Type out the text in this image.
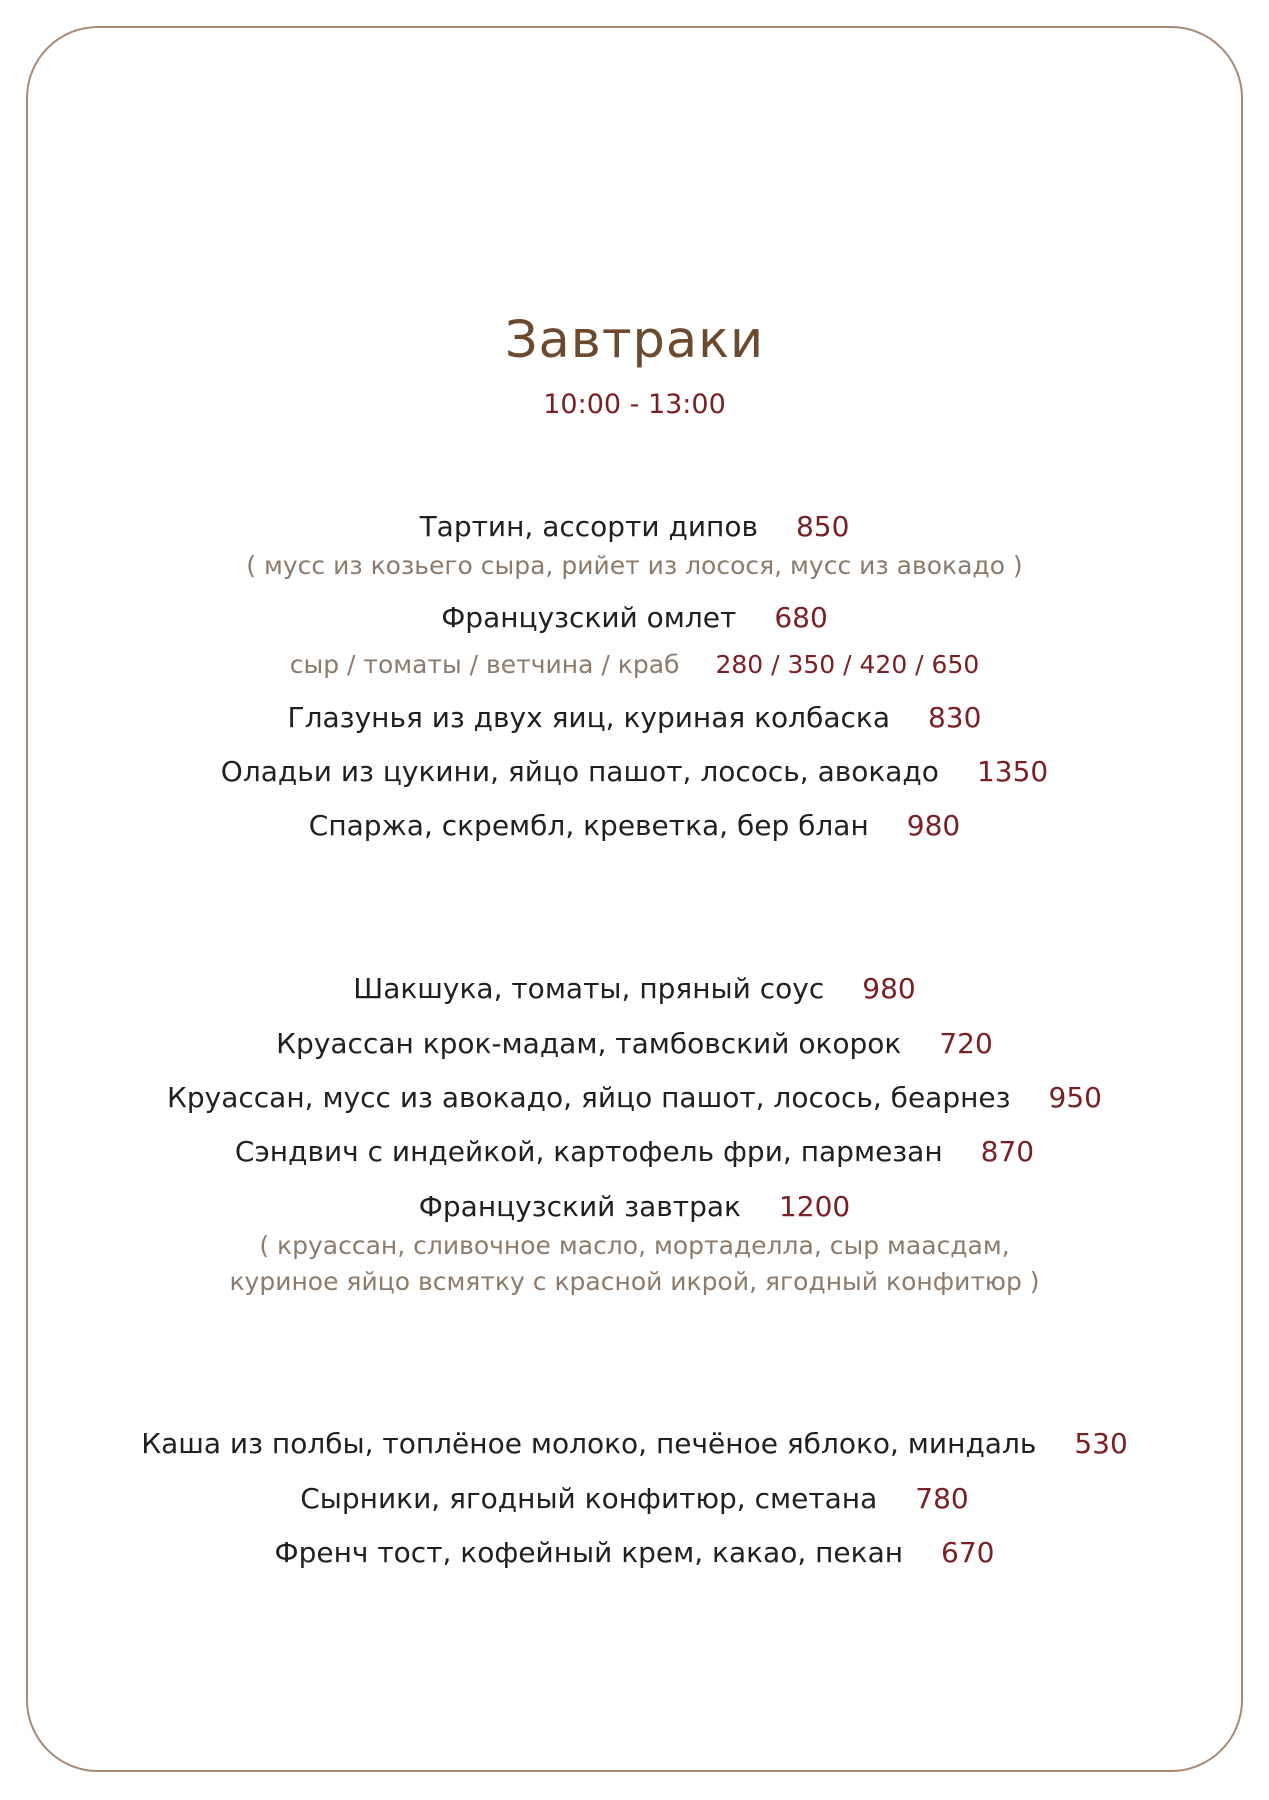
Завтраки
10:00 - 13:00
Тартин, ассорти дипов 850
( мусс из козьего сыра, рийет из лосося, мусс из авокадо )
Французский омлет 680
сыр / томаты / ветчина / краб 280 / 350 / 420 / 650
Глазунья из двух яиц, куриная колбаска 830
Оладьи из цукини, яйцо пашот, лосось, авокадо 1350
Спаржа, скрембл, креветка, бер блан 980
Шакшука, томаты, пряный соус 980
Круассан крок-мадам, тамбовский окорок 720
Круассан, мусс из авокадо, яйцо пашот, лосось, беарнез 950
Сэндвич с индейкой, картофель фри, пармезан 870
Французский завтрак 1200
( круассан, сливочное масло, мортаделла, сыр маасдам,
куриное яйцо всмятку с красной икрой, ягодный конфитюр )
Каша из полбы, топлёное молоко, печёное яблоко, миндаль 530
Сырники, ягодный конфитюр, сметана 780
Френч тост, кофейный крем, какао, пекан 670
